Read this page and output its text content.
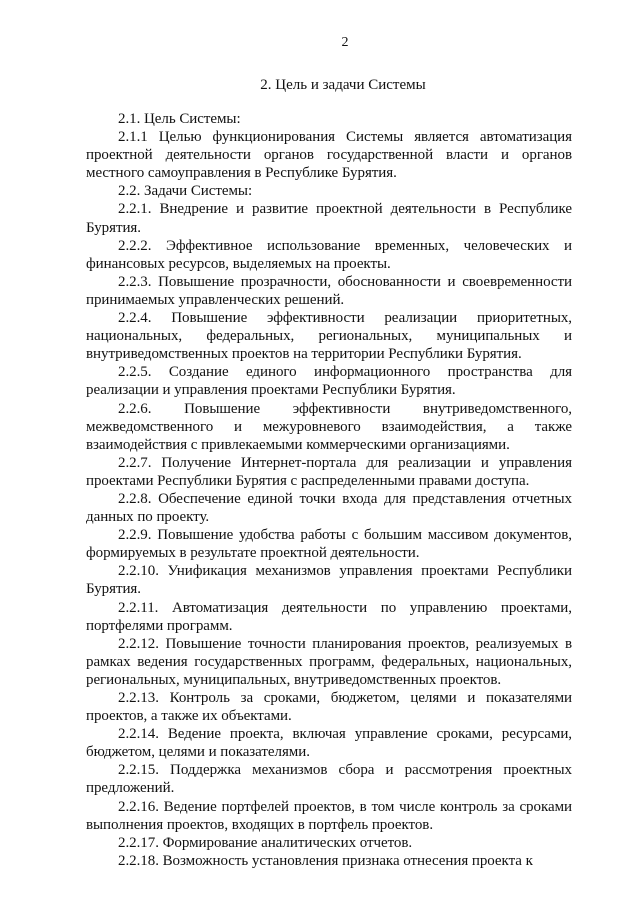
2
2. Цель и задачи Системы

2.1. Цель Системы:

2.1.1 Целью функционирования Системы является автоматизация проектной деятельности органов государственной власти и органов местного самоуправления в Республике Бурятия.

2.2. Задачи Системы:

2.2.1. Внедрение и развитие проектной деятельности в Республике Бурятия.

2.2.2. Эффективное использование временных, человеческих и финансовых ресурсов, выделяемых на проекты.

2.2.3. Повышение прозрачности, обоснованности и своевременности принимаемых управленческих решений.

2.2.4. Повышение эффективности реализации приоритетных, национальных, федеральных, региональных, муниципальных и внутриведомственных проектов на территории Республики Бурятия.

2.2.5. Создание единого информационного пространства для реализации и управления проектами Республики Бурятия.

2.2.6. Повышение эффективности внутриведомственного, межведомственного и межуровневого взаимодействия, а также взаимодействия с привлекаемыми коммерческими организациями.

2.2.7. Получение Интернет-портала для реализации и управления проектами Республики Бурятия с распределенными правами доступа.

2.2.8. Обеспечение единой точки входа для представления отчетных данных по проекту.

2.2.9. Повышение удобства работы с большим массивом документов, формируемых в результате проектной деятельности.

2.2.10. Унификация механизмов управления проектами Республики Бурятия.

2.2.11. Автоматизация деятельности по управлению проектами, портфелями программ.

2.2.12. Повышение точности планирования проектов, реализуемых в рамках ведения государственных программ, федеральных, национальных, региональных, муниципальных, внутриведомственных проектов.

2.2.13. Контроль за сроками, бюджетом, целями и показателями проектов, а также их объектами.

2.2.14. Ведение проекта, включая управление сроками, ресурсами, бюджетом, целями и показателями.

2.2.15. Поддержка механизмов сбора и рассмотрения проектных предложений.

2.2.16. Ведение портфелей проектов, в том числе контроль за сроками выполнения проектов, входящих в портфель проектов.

2.2.17. Формирование аналитических отчетов.

2.2.18. Возможность установления признака отнесения проекта к
